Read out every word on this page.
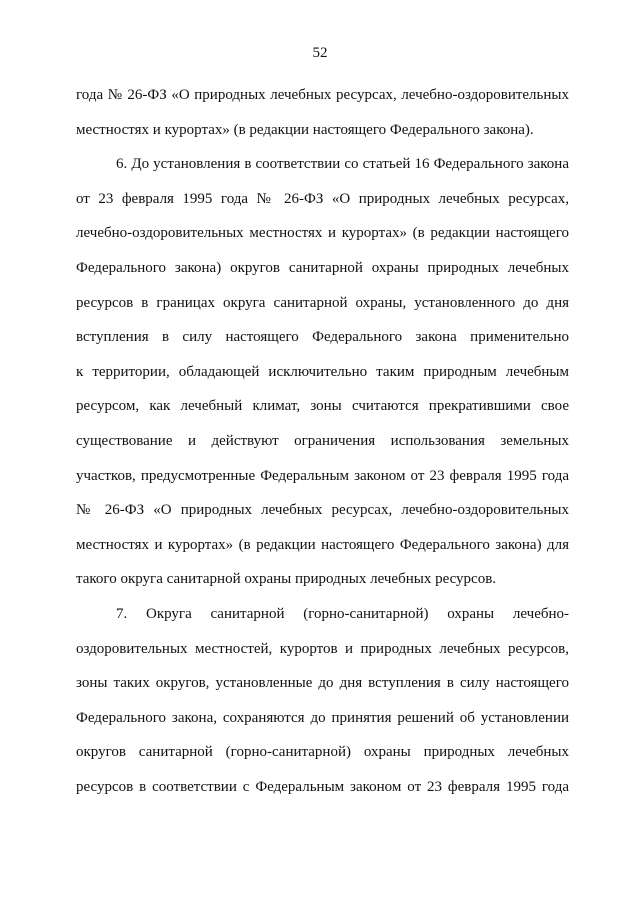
52
года № 26-ФЗ «О природных лечебных ресурсах, лечебно-оздоровительных
местностях и курортах» (в редакции настоящего Федерального закона).
6. До установления в соответствии со статьей 16 Федерального закона
от 23 февраля 1995 года № 26-ФЗ «О природных лечебных ресурсах,
лечебно-оздоровительных местностях и курортах» (в редакции настоящего
Федерального закона) округов санитарной охраны природных лечебных
ресурсов в границах округа санитарной охраны, установленного до дня
вступления в силу настоящего Федерального закона применительно
к территории, обладающей исключительно таким природным лечебным
ресурсом, как лечебный климат, зоны считаются прекратившими свое
существование и действуют ограничения использования земельных
участков, предусмотренные Федеральным законом от 23 февраля 1995 года
№ 26-ФЗ «О природных лечебных ресурсах, лечебно-оздоровительных
местностях и курортах» (в редакции настоящего Федерального закона) для
такого округа санитарной охраны природных лечебных ресурсов.
7. Округа санитарной (горно-санитарной) охраны лечебно-
оздоровительных местностей, курортов и природных лечебных ресурсов,
зоны таких округов, установленные до дня вступления в силу настоящего
Федерального закона, сохраняются до принятия решений об установлении
округов санитарной (горно-санитарной) охраны природных лечебных
ресурсов в соответствии с Федеральным законом от 23 февраля 1995 года
